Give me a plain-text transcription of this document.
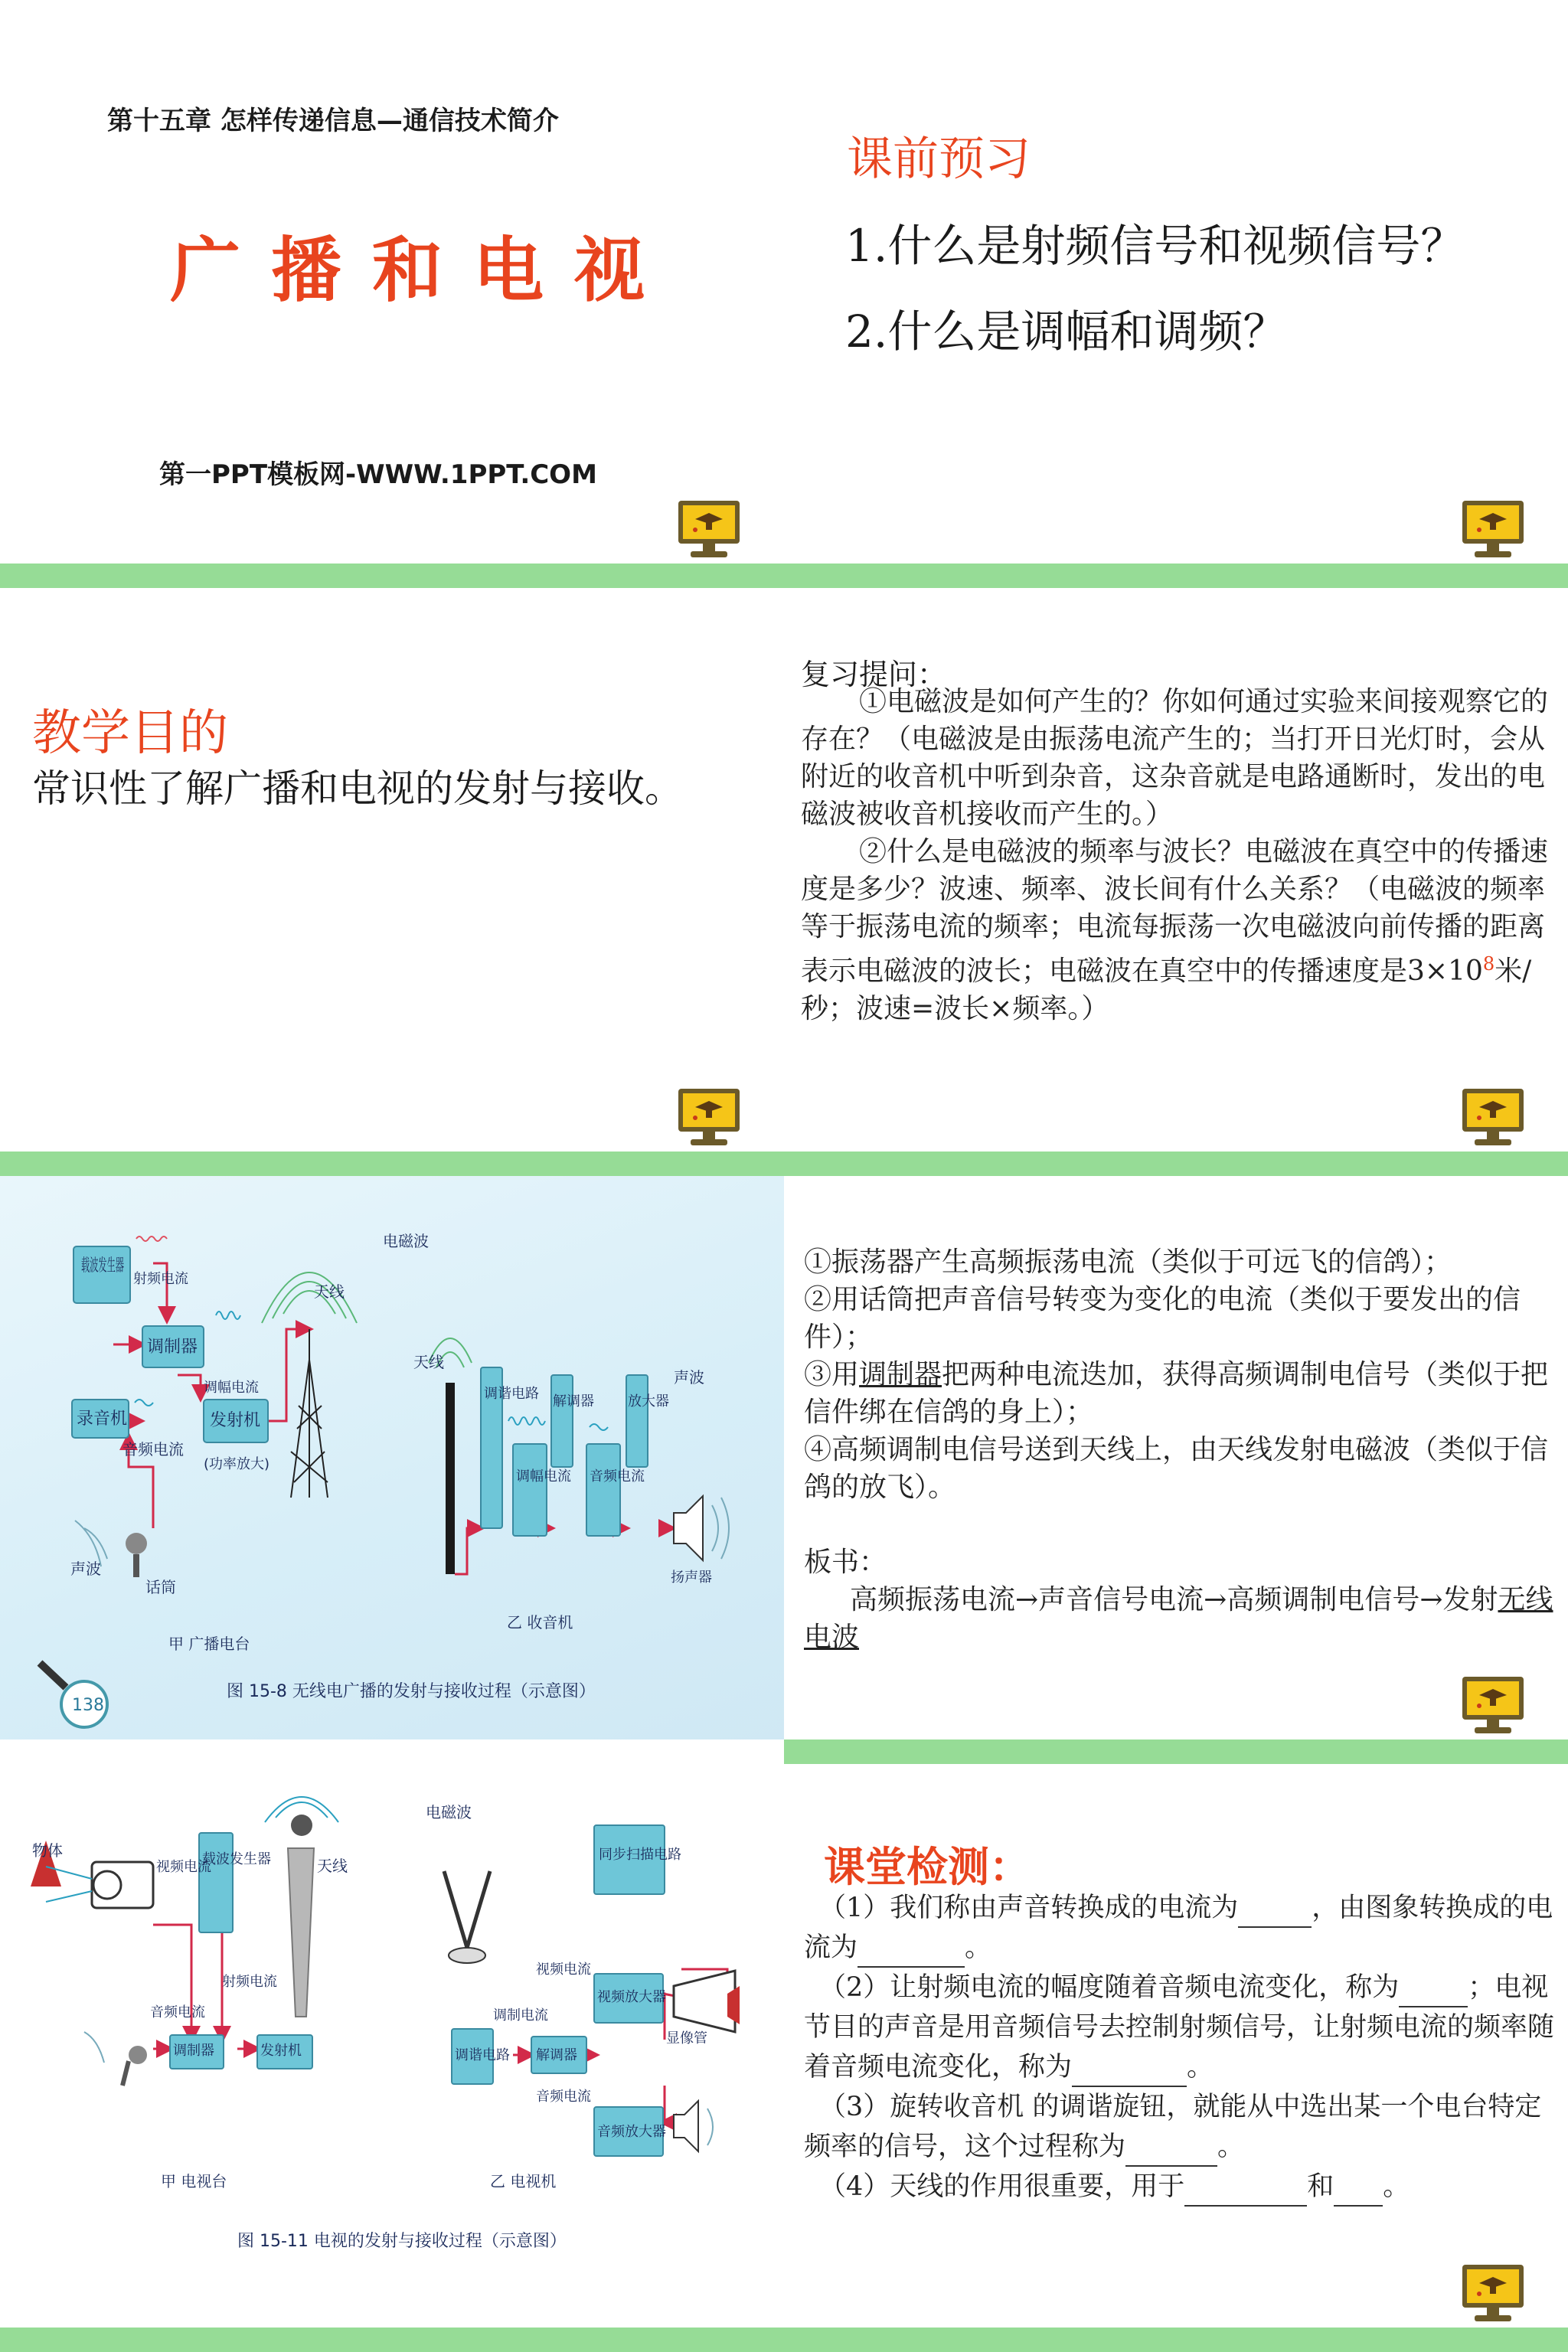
第十五章 怎样传递信息—通信技术简介
广 播 和 电 视
第一PPT模板网-WWW.1PPT.COM
课前预习
1.什么是射频信号和视频信号？
2.什么是调幅和调频？
教学目的
常识性了解广播和电视的发射与接收。
复习提问：

①电磁波是如何产生的？你如何通过实验来间接观察它的存在？（电磁波是由振荡电流产生的；当打开日光灯时，会从附近的收音机中听到杂音，这杂音就是电路通断时，发出的电磁波被收音机接收而产生的。）

②什么是电磁波的频率与波长？电磁波在真空中的传播速度是多少？波速、频率、波长间有什么关系？（电磁波的频率等于振荡电流的频率；电流每振荡一次电磁波向前传播的距离表示电磁波的波长；电磁波在真空中的传播速度是$3\times 10^8$米/秒；波速=波长×频率。）

载波发生器
射频电流
调制器
调幅电流
录音机
音频电流
发射机
(功率放大)
天线
声波
话筒
甲 广播电台
电磁波
天线
调谐电路
调幅电流
解调器
音频电流
放大器
声波
扬声器
乙 收音机
图 15-8 无线电广播的发射与接收过程（示意图）
138

①振荡器产生高频振荡电流（类似于可远飞的信鸽）；

②用话筒把声音信号转变为变化的电流（类似于要发出的信件）；

③用调制器把两种电流迭加，获得高频调制电信号（类似于把信件绑在信鸽的身上）；

④高频调制电信号送到天线上，由天线发射电磁波（类似于信鸽的放飞）。

板书：

高频振荡电流→声音信号电流→高频调制电信号→发射无线电波

物体
视频电流
载波发生器	天线
射频电流
音频电流
调制器	发射机
甲 电视台
电磁波
同步扫描电路
视频电流
视频放大器
显像管
调谐电路
调制电流
解调器
音频电流
音频放大器
乙 电视机
图 15-11 电视的发射与接收过程（示意图）
课堂检测：

（1）我们称由声音转换成的电流为	，由图象转换成的电流为	。

（2）让射频电流的幅度随着音频电流变化，称为	；电视节目的声音是用音频信号去控制射频信号，让射频电流的频率随着音频电流变化，称为	。

（3）旋转收音机 的调谐旋钮，就能从中选出某一个电台特定频率的信号，这个过程称为	。

（4）天线的作用很重要，用于	和 。
